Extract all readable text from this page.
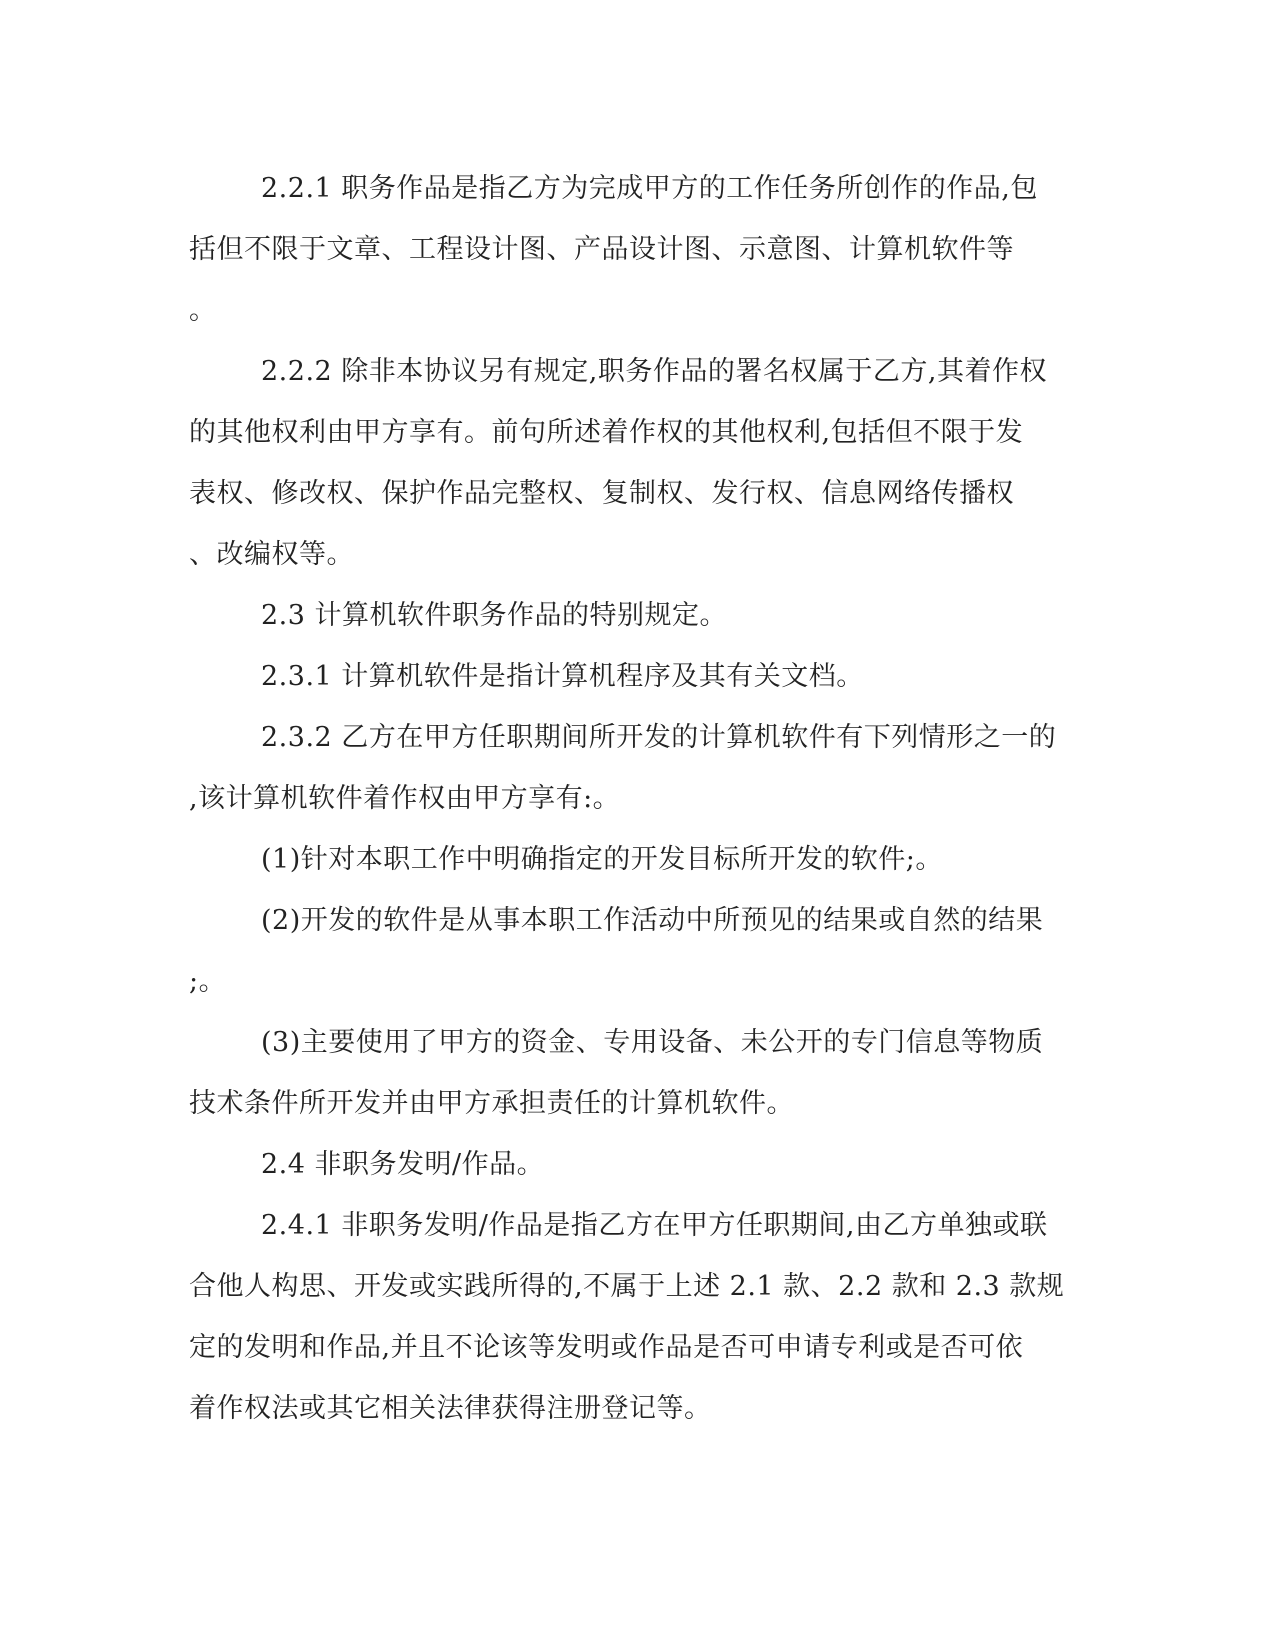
2.2.1 职务作品是指乙方为完成甲方的工作任务所创作的作品,包
括但不限于文章、工程设计图、产品设计图、示意图、计算机软件等
。
2.2.2 除非本协议另有规定,职务作品的署名权属于乙方,其着作权
的其他权利由甲方享有。前句所述着作权的其他权利,包括但不限于发
表权、修改权、保护作品完整权、复制权、发行权、信息网络传播权
、改编权等。
2.3 计算机软件职务作品的特别规定。
2.3.1 计算机软件是指计算机程序及其有关文档。
2.3.2 乙方在甲方任职期间所开发的计算机软件有下列情形之一的
,该计算机软件着作权由甲方享有:。
(1)针对本职工作中明确指定的开发目标所开发的软件;。
(2)开发的软件是从事本职工作活动中所预见的结果或自然的结果
;。
(3)主要使用了甲方的资金、专用设备、未公开的专门信息等物质
技术条件所开发并由甲方承担责任的计算机软件。
2.4 非职务发明/作品。
2.4.1 非职务发明/作品是指乙方在甲方任职期间,由乙方单独或联
合他人构思、开发或实践所得的,不属于上述 2.1 款、2.2 款和 2.3 款规
定的发明和作品,并且不论该等发明或作品是否可申请专利或是否可依
着作权法或其它相关法律获得注册登记等。
